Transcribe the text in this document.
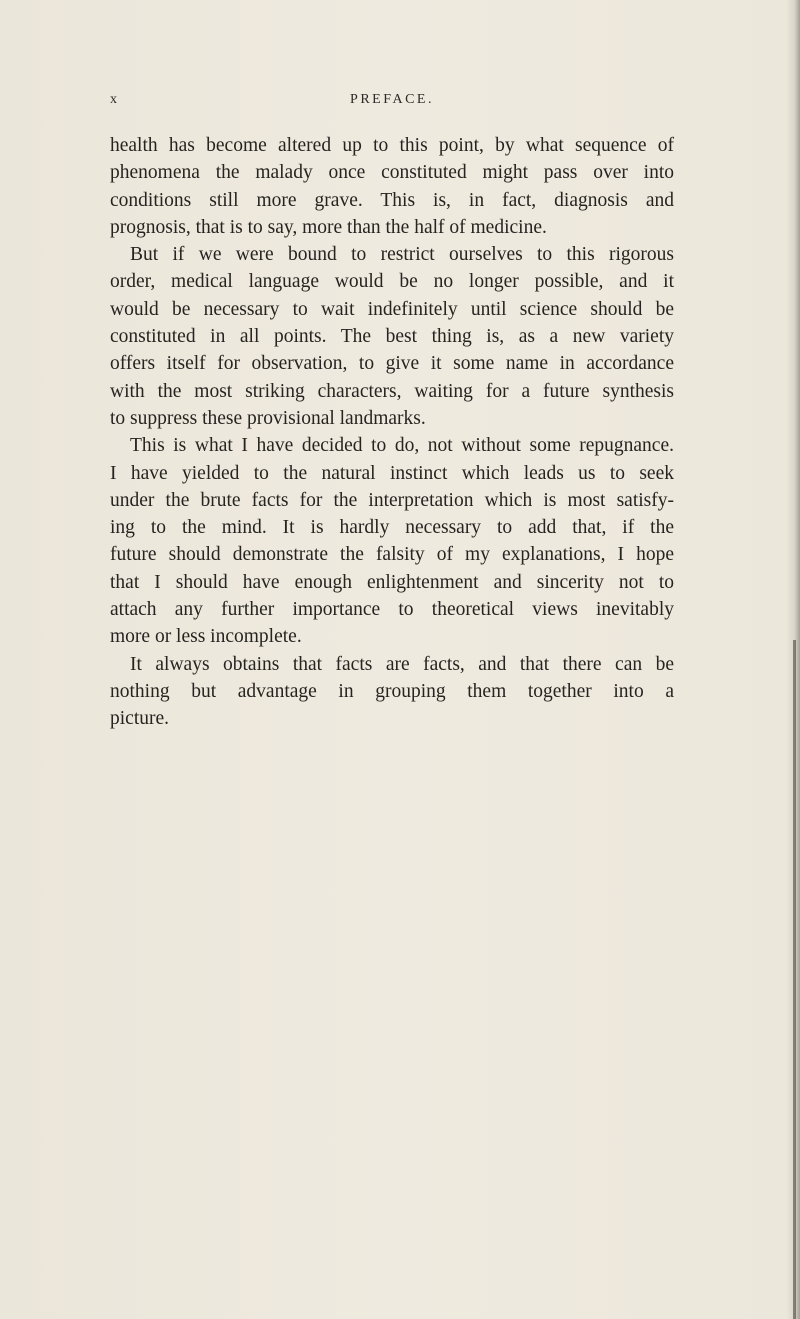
x	PREFACE.
health has become altered up to this point, by what sequence of
phenomena the malady once constituted might pass over into
conditions still more grave. This is, in fact, diagnosis and
prognosis, that is to say, more than the half of medicine.
But if we were bound to restrict ourselves to this rigorous
order, medical language would be no longer possible, and it
would be necessary to wait indefinitely until science should be
constituted in all points. The best thing is, as a new variety
offers itself for observation, to give it some name in accordance
with the most striking characters, waiting for a future synthesis
to suppress these provisional landmarks.
This is what I have decided to do, not without some repugnance.
I have yielded to the natural instinct which leads us to seek
under the brute facts for the interpretation which is most satisfy-
ing to the mind. It is hardly necessary to add that, if the
future should demonstrate the falsity of my explanations, I hope
that I should have enough enlightenment and sincerity not to
attach any further importance to theoretical views inevitably
more or less incomplete.
It always obtains that facts are facts, and that there can be
nothing but advantage in grouping them together into a
picture.
